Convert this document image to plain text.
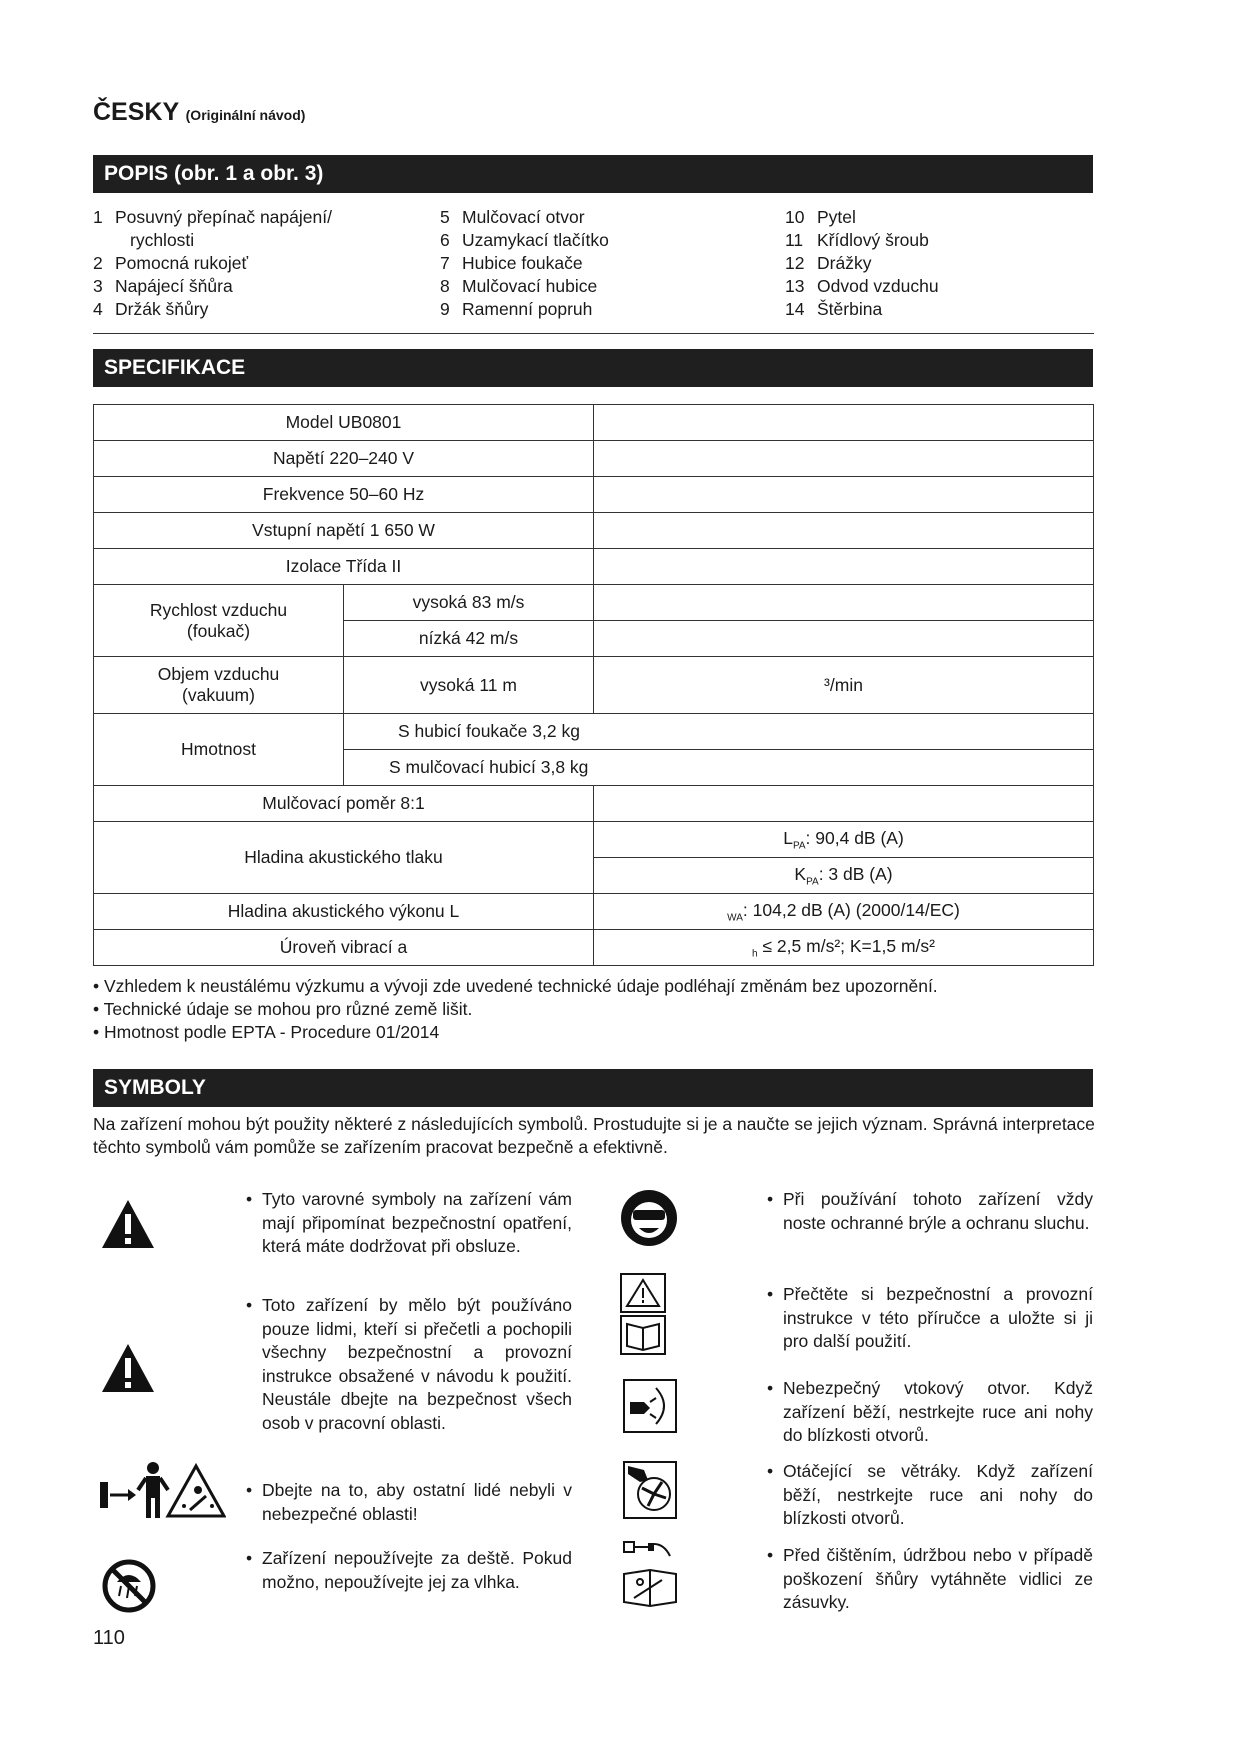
ČESKY (Originální návod)
POPIS (obr. 1 a obr. 3)
1 Posuvný přepínač napájení/
rychlosti
2 Pomocná rukojeť
3 Napájecí šňůra
4 Držák šňůry
5 Mulčovací otvor
6 Uzamykací tlačítko
7 Hubice foukače
8 Mulčovací hubice
9 Ramenní popruh
10 Pytel
11 Křídlový šroub
12 Drážky
13 Odvod vzduchu
14 Štěrbina
SPECIFIKACE
Model UB0801		
Napětí 220–240 V		
Frekvence 50–60 Hz		
Vstupní napětí 1 650 W		
Izolace Třída II		
Rychlost vzduchu
(foukač)	vysoká 83 m/s	
	nízká 42 m/s	
Objem vzduchu
(vakuum)	vysoká 11 m	³/min
Hmotnost	S hubicí foukače 3,2 kg	
	S mulčovací hubicí 3,8 kg	
Mulčovací poměr 8:1		
Hladina akustického tlaku		$L_{PA}$: 90,4 dB (A)
		$K_{PA}$: 3 dB (A)
Hladina akustického výkonu L		$_{WA}$: 104,2 dB (A) (2000/14/EC)
Úroveň vibrací a		$_h$ ≤ 2,5 m/s²; K=1,5 m/s²
• Vzhledem k neustálému výzkumu a vývoji zde uvedené technické údaje podléhají změnám bez upozornění.
• Technické údaje se mohou pro různé země lišit.
• Hmotnost podle EPTA - Procedure 01/2014
SYMBOLY
Na zařízení mohou být použity některé z následujících symbolů. Prostudujte si je a naučte se jejich význam. Správná interpretace těchto symbolů vám pomůže se zařízením pracovat bezpečně a efektivně.
• Tyto varovné symboly na zařízení vám mají připomínat bezpečnostní opatření, která máte dodržovat při obsluze.
• Toto zařízení by mělo být používáno pouze lidmi, kteří si přečetli a pochopili všechny bezpečnostní a provozní instrukce obsažené v návodu k použití. Neustále dbejte na bezpečnost všech osob v pracovní oblasti.
• Dbejte na to, aby ostatní lidé nebyli v nebezpečné oblasti!
• Zařízení nepoužívejte za deště. Pokud možno, nepoužívejte jej za vlhka.
• Při používání tohoto zařízení vždy noste ochranné brýle a ochranu sluchu.
• Přečtěte si bezpečnostní a provozní instrukce v této příručce a uložte si ji pro další použití.
• Nebezpečný vtokový otvor. Když zařízení běží, nestrkejte ruce ani nohy do blízkosti otvorů.
• Otáčející se větráky. Když zařízení běží, nestrkejte ruce ani nohy do blízkosti otvorů.
• Před čištěním, údržbou nebo v případě poškození šňůry vytáhněte vidlici ze zásuvky.
110
